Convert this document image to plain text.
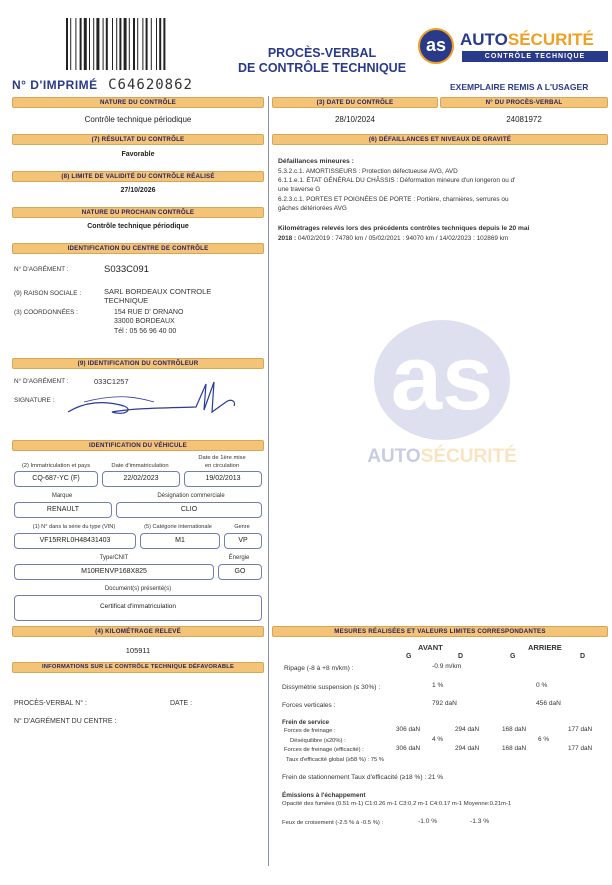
N° D'IMPRIMÉ C64620862
PROCÈS-VERBAL
DE CONTRÔLE TECHNIQUE
as AUTOSÉCURITÉ
CONTRÔLE TECHNIQUE
EXEMPLAIRE REMIS A L'USAGER
NATURE DU CONTRÔLE
Contrôle technique périodique
(7) RÉSULTAT DU CONTRÔLE
Favorable
(8) LIMITE DE VALIDITÉ DU CONTRÔLE RÉALISÉ
27/10/2026
NATURE DU PROCHAIN CONTRÔLE
Contrôle technique périodique
IDENTIFICATION DU CENTRE DE CONTRÔLE
N° D'AGRÉMENT :	S033C091
(9) RAISON SOCIALE :	SARL BORDEAUX CONTROLE
TECHNIQUE
(3) COORDONNÉES :	154 RUE D' ORNANO
33000 BORDEAUX
Tél : 05 56 96 40 00
(9) IDENTIFICATION DU CONTRÔLEUR
N° D'AGRÉMENT :	033C1257
SIGNATURE :
IDENTIFICATION DU VÉHICULE
(2) Immatriculation et pays	Date d'immatriculation
Date de 1ère mise
en circulation
CQ-687-YC (F)	22/02/2023	19/02/2013
Marque	Désignation commerciale
RENAULT	CLIO
(1) N° dans la série du type (VIN)	(5) Catégorie internationale	Genre
VF15RRL0H48431403	M1	VP
Type/CNIT	Énergie
M10RENVP168X825	GO
Document(s) présenté(s)
Certificat d'immatriculation
(4) KILOMÉTRAGE RELEVÉ
105911
INFORMATIONS SUR LE CONTRÔLE TECHNIQUE DÉFAVORABLE
PROCÈS-VERBAL N° :	DATE :
N° D'AGRÉMENT DU CENTRE :
(3) DATE DU CONTRÔLE	N° DU PROCÈS-VERBAL
28/10/2024	24081972
(6) DÉFAILLANCES ET NIVEAUX DE GRAVITÉ
Défaillances mineures :
5.3.2.c.1. AMORTISSEURS : Protection défectueuse AVG, AVD
6.1.1.e.1. ÉTAT GÉNÉRAL DU CHÂSSIS : Déformation mineure d'un longeron ou d'
une traverse G
6.2.3.c.1. PORTES ET POIGNÉES DE PORTE : Portière, charnières, serrures ou
gâches détériorées AVG
Kilométrages relevés lors des précédents contrôles techniques depuis le 20 mai
2018 : 04/02/2019 : 74780 km / 05/02/2021 : 94070 km / 14/02/2023 : 102869 km
as
AUTOSÉCURITÉ
MESURES RÉALISÉES ET VALEURS LIMITES CORRESPONDANTES
AVANT	ARRIERE
G	D	G	D
Ripage (-8 à +8 m/km) :	-0.9 m/km
Dissymétrie suspension (≤ 30%) :	1 %	0 %
Forces verticales :	792 daN	456 daN
Frein de service
Forces de freinage :	306 daN	294 daN	168 daN	177 daN
Déséquilibre (≤20%) :	4 %	6 %
Forces de freinage (efficacité) :	306 daN	294 daN	168 daN	177 daN
Taux d'efficacité global (≥58 %) : 75 %
Frein de stationnement Taux d'efficacité (≥18 %) : 21 %
Émissions à l'échappement
Opacité des fumées (0.51 m-1) C1:0.26 m-1 C3:0.2 m-1 C4:0.17 m-1 Moyenne:0.21m-1
Feux de croisement (-2.5 % à -0.5 %) :	-1.0 %	-1.3 %
